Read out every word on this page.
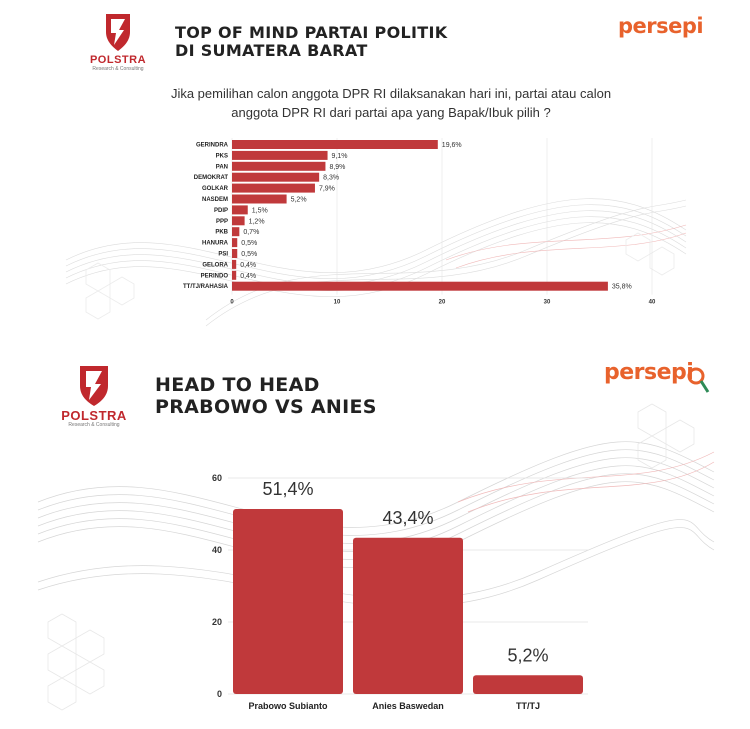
POLSTRA
Research & Consulting
persepi
TOP OF MIND PARTAI POLITIK
DI SUMATERA BARAT
Jika pemilihan calon anggota DPR RI dilaksanakan hari ini, partai atau calon
anggota DPR RI dari partai apa yang Bapak/Ibuk pilih ?
0	10	20	30	40
GERINDRA	19,6%
PKS	9,1%
PAN	8,9%
DEMOKRAT	8,3%
GOLKAR	7,9%
NASDEM	5,2%
PDIP	1,5%
PPP	1,2%
PKB 0,7%
HANURA 0,5%
PSI 0,5%
GELORA 0,4%
PERINDO 0,4%
TT/TJ/RAHASIA	35,8%
POLSTRA
Research & Consulting
persepi
HEAD TO HEAD
PRABOWO VS ANIES
0
20
40
60
51,4%
Prabowo Subianto
43,4%
Anies Baswedan
5,2%
TT/TJ
